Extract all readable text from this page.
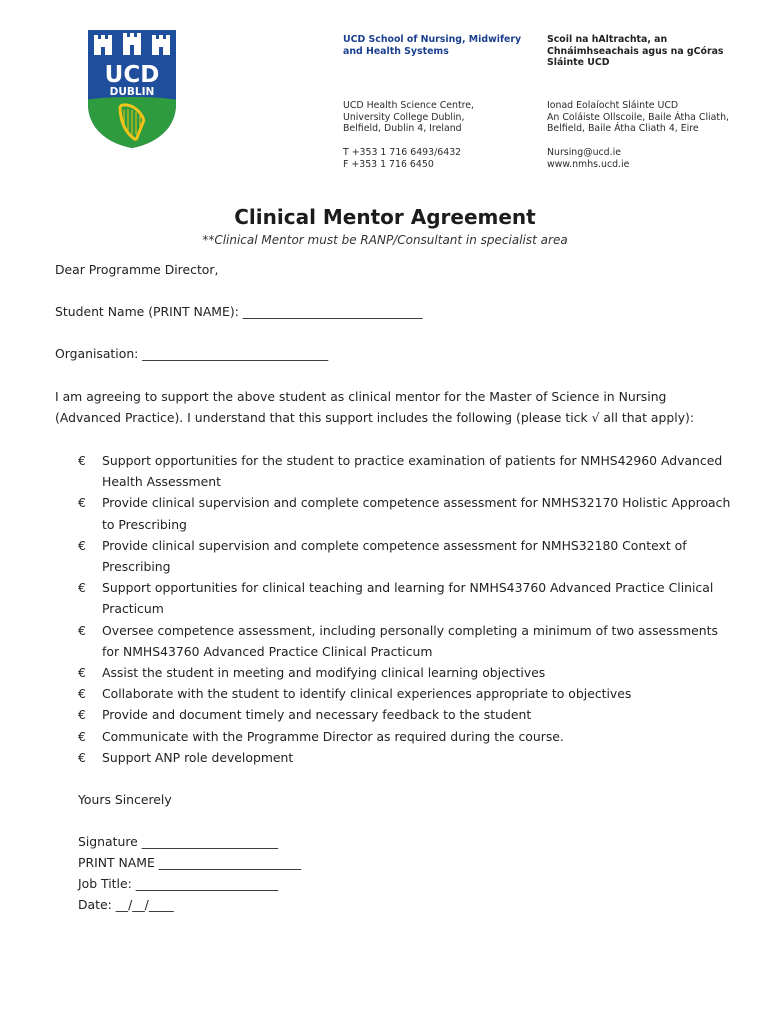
UCD
DUBLIN
UCD School of Nursing, Midwifery
and Health Systems
Scoil na hAltrachta, an
Chnáimhseachais agus na gCóras
Sláinte UCD
UCD Health Science Centre,
University College Dublin,
Belfield, Dublin 4, Ireland
Ionad Eolaíocht Sláinte UCD
An Coláiste Ollscoile, Baile Átha Cliath,
Belfield, Baile Átha Cliath 4, Eire
T +353 1 716 6493/6432
F +353 1 716 6450
Nursing@ucd.ie
www.nmhs.ucd.ie
Clinical Mentor Agreement
**Clinical Mentor must be RANP/Consultant in specialist area
Dear Programme Director,
Student Name (PRINT NAME): _____________________________
Organisation: ______________________________
I am agreeing to support the above student as clinical mentor for the Master of Science in Nursing (Advanced Practice). I understand that this support includes the following (please tick √ all that apply):
€	Support opportunities for the student to practice examination of patients for NMHS42960 Advanced Health Assessment
€	Provide clinical supervision and complete competence assessment for NMHS32170 Holistic Approach to Prescribing
€	Provide clinical supervision and complete competence assessment for NMHS32180 Context of Prescribing
€	Support opportunities for clinical teaching and learning for NMHS43760 Advanced Practice Clinical Practicum
€	Oversee competence assessment, including personally completing a minimum of two assessments for NMHS43760 Advanced Practice Clinical Practicum
€	Assist the student in meeting and modifying clinical learning objectives
€	Collaborate with the student to identify clinical experiences appropriate to objectives
€	Provide and document timely and necessary feedback to the student
€	Communicate with the Programme Director as required during the course.
€	Support ANP role development
Yours Sincerely
Signature ______________________
PRINT NAME _______________________
Job Title: _______________________
Date: __/__/____
